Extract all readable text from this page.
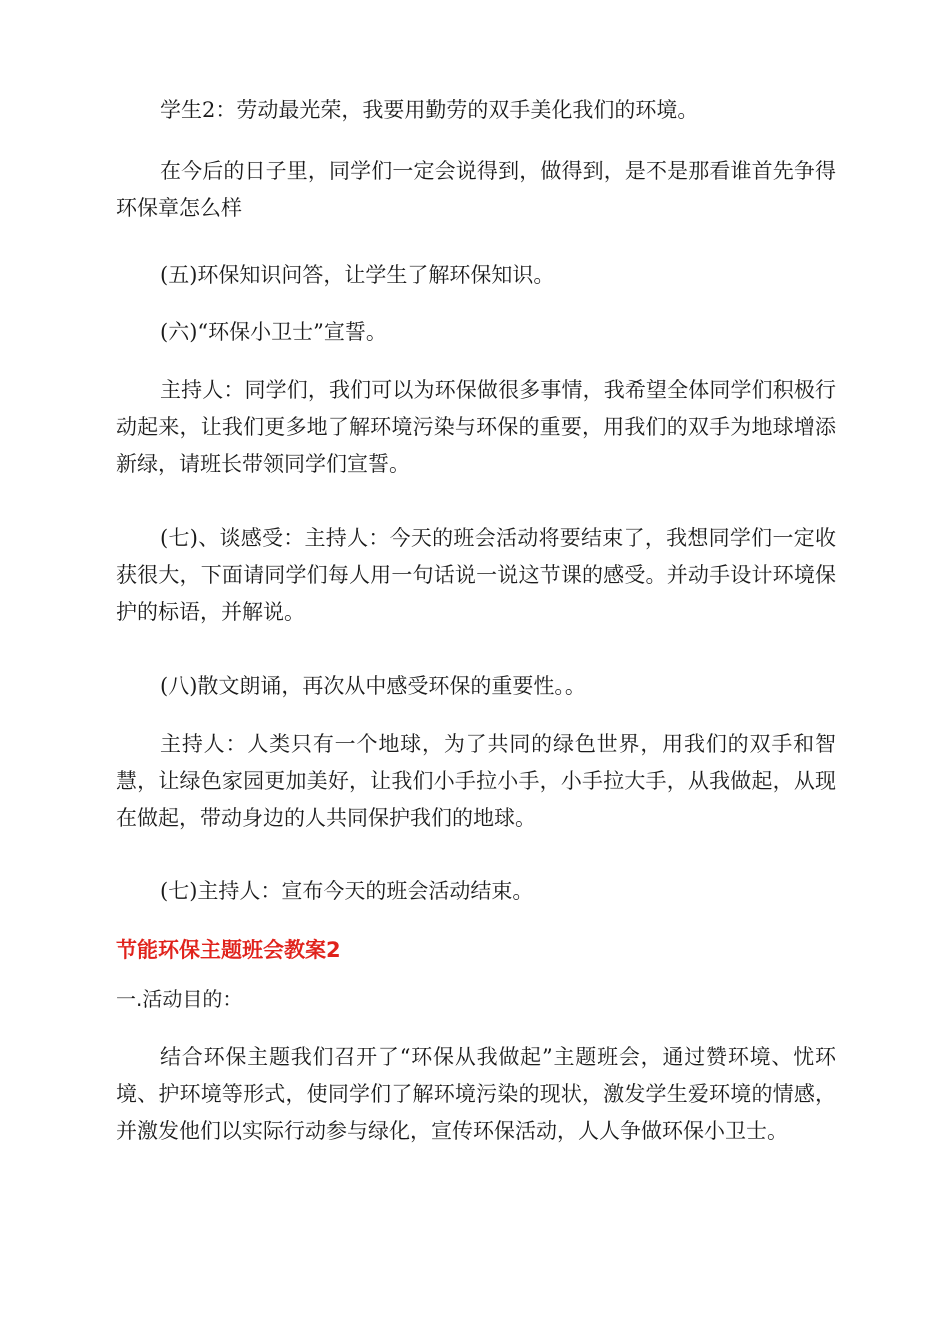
学生2：劳动最光荣，我要用勤劳的双手美化我们的环境。
在今后的日子里，同学们一定会说得到，做得到，是不是那看谁首先争得环保章怎么样
(五)环保知识问答，让学生了解环保知识。
(六)“环保小卫士”宣誓。
主持人：同学们，我们可以为环保做很多事情，我希望全体同学们积极行动起来，让我们更多地了解环境污染与环保的重要，用我们的双手为地球增添新绿，请班长带领同学们宣誓。
(七)、谈感受：主持人：今天的班会活动将要结束了，我想同学们一定收获很大，下面请同学们每人用一句话说一说这节课的感受。并动手设计环境保护的标语，并解说。
(八)散文朗诵，再次从中感受环保的重要性。。
主持人：人类只有一个地球，为了共同的绿色世界，用我们的双手和智慧，让绿色家园更加美好，让我们小手拉小手，小手拉大手，从我做起，从现在做起，带动身边的人共同保护我们的地球。
(七)主持人：宣布今天的班会活动结束。
节能环保主题班会教案2
一.活动目的：
结合环保主题我们召开了“环保从我做起”主题班会，通过赞环境、忧环境、护环境等形式，使同学们了解环境污染的现状，激发学生爱环境的情感，并激发他们以实际行动参与绿化，宣传环保活动，人人争做环保小卫士。
